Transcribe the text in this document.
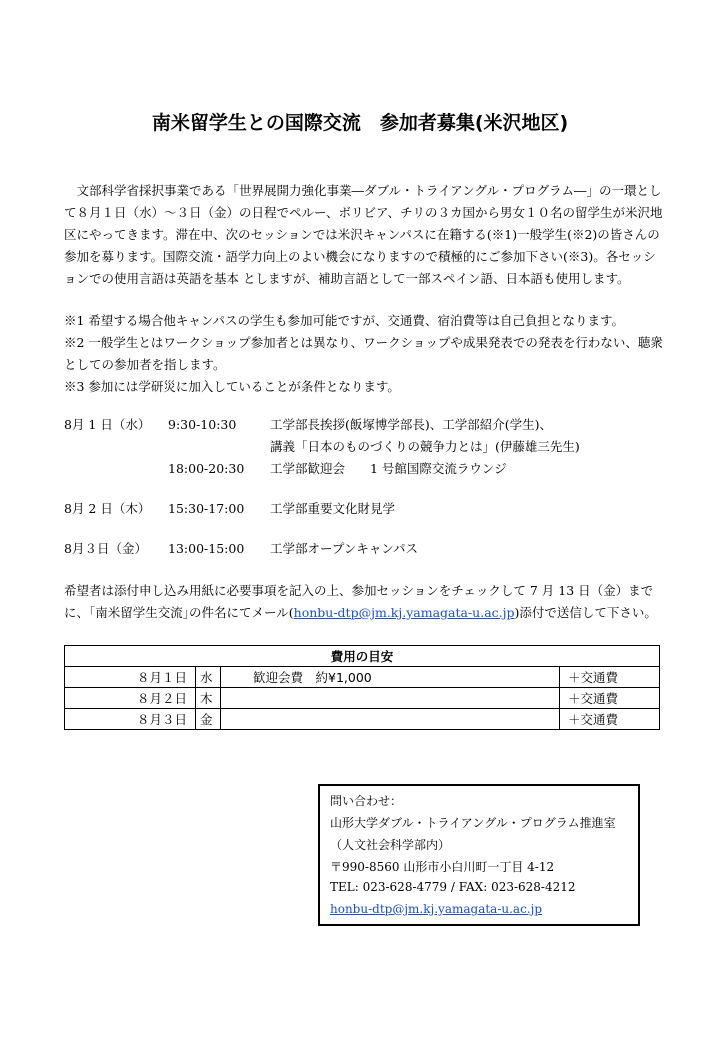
南米留学生との国際交流　参加者募集(米沢地区)
文部科学省採択事業である「世界展開力強化事業―ダブル・トライアングル・プログラム―」の一環として８月１日（水）～３日（金）の日程でペルー、ボリビア、チリの３カ国から男女１０名の留学生が米沢地区にやってきます。滞在中、次のセッションでは米沢キャンパスに在籍する(※1)一般学生(※2)の皆さんの参加を募ります。国際交流・語学力向上のよい機会になりますので積極的にご参加下さい(※3)。各セッションでの使用言語は英語を基本 としますが、補助言語として一部スペイン語、日本語も使用します。
※1 希望する場合他キャンパスの学生も参加可能ですが、交通費、宿泊費等は自己負担となります。
※2 一般学生とはワークショップ参加者とは異なり、ワークショップや成果発表での発表を行わない、聴衆としての参加者を指します。
※3 参加には学研災に加入していることが条件となります。
8月 1 日（水） 9:30-10:30	工学部長挨拶(飯塚博学部長)、工学部紹介(学生)、
講義「日本のものづくりの競争力とは」(伊藤雄三先生)
18:00-20:30 工学部歓迎会　　1 号館国際交流ラウンジ
8月 2 日（木） 15:30-17:00 工学部重要文化財見学
8月３日（金） 13:00-15:00 工学部オープンキャンパス
希望者は添付申し込み用紙に必要事項を記入の上、参加セッションをチェックして 7 月 13 日（金）までに、｢南米留学生交流｣の件名にてメール(honbu-dtp@jm.kj.yamagata-u.ac.jp)添付で送信して下さい。
費用の目安			
８月１日	水	歓迎会費　約¥1,000	＋交通費
８月２日	木		＋交通費
８月３日	金		＋交通費
問い合わせ：
山形大学ダブル・トライアングル・プログラム推進室
（人文社会科学部内）
〒990-8560 山形市小白川町一丁目 4-12
TEL: 023-628-4779 / FAX: 023-628-4212
honbu-dtp@jm.kj.yamagata-u.ac.jp
